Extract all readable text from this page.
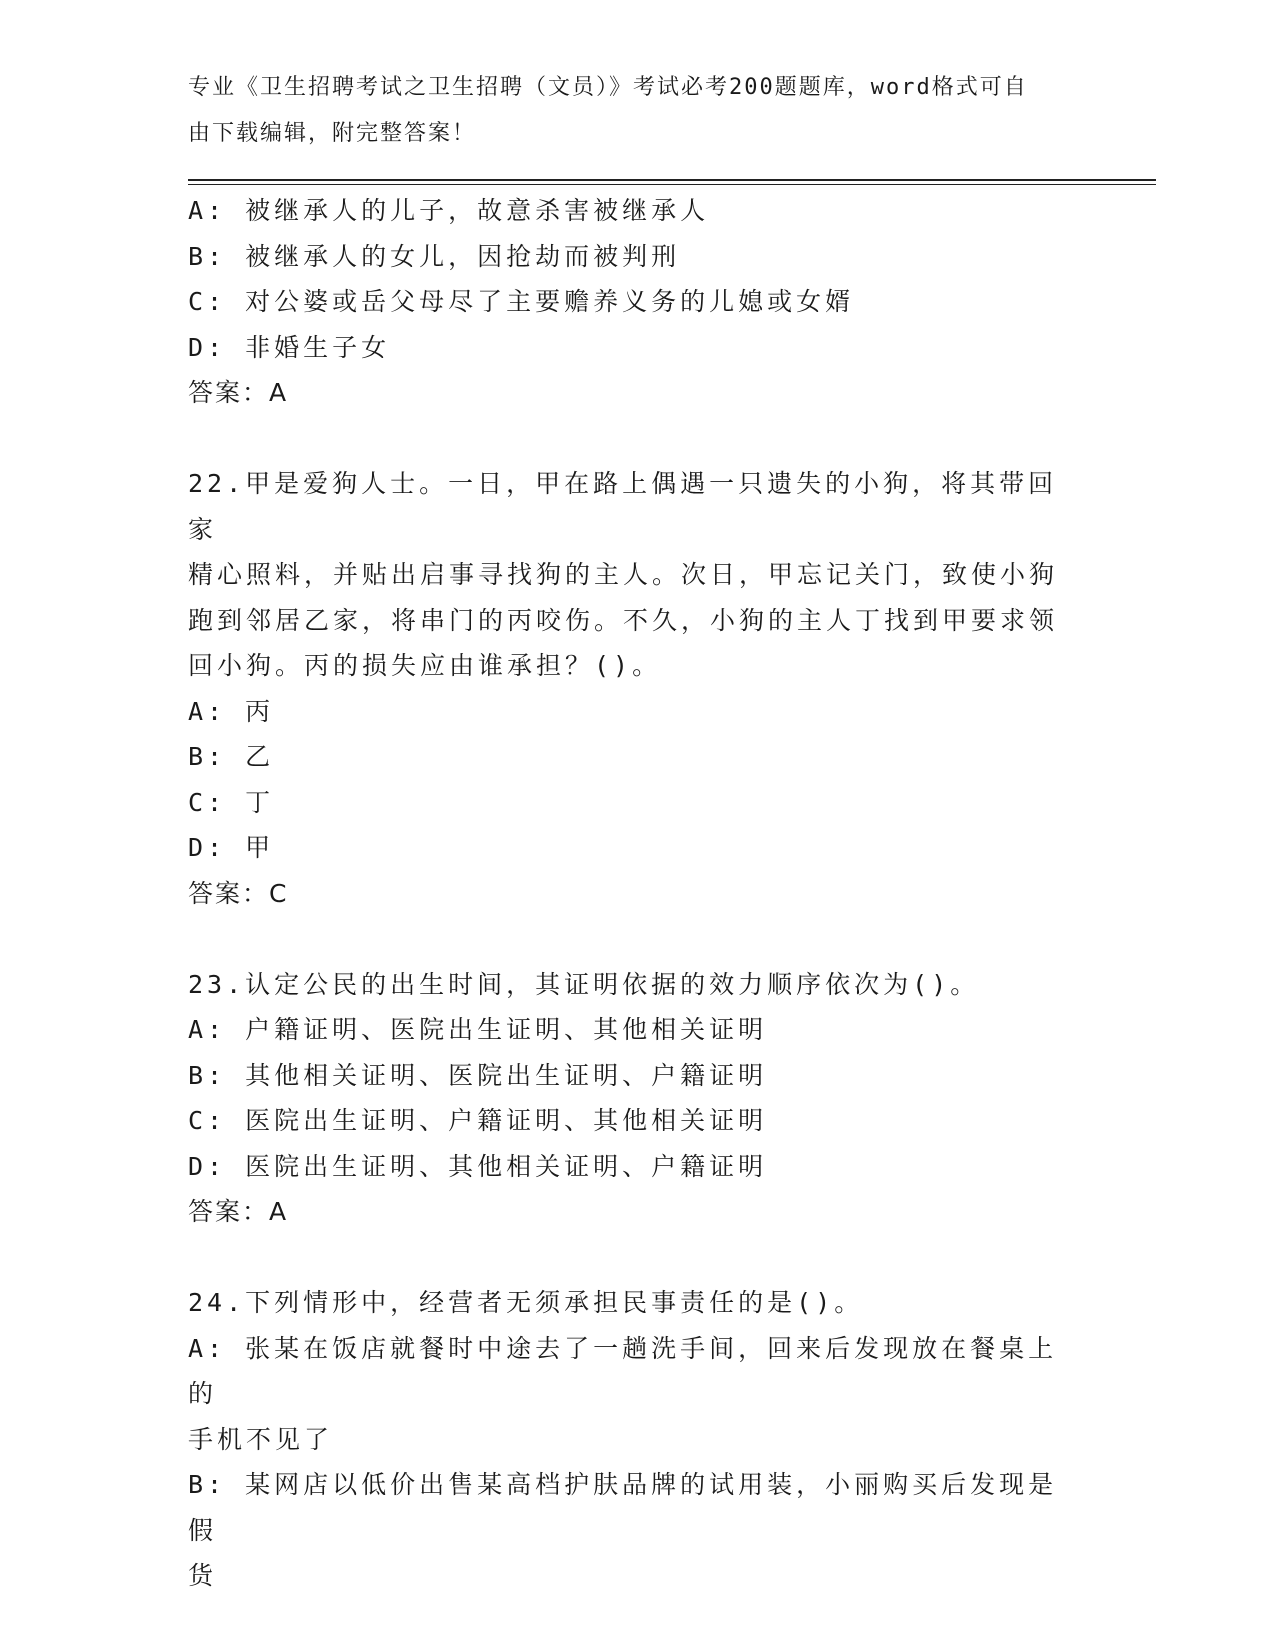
专业《卫生招聘考试之卫生招聘（文员）》考试必考200题题库，word格式可自
由下载编辑，附完整答案！
A: 被继承人的儿子，故意杀害被继承人
B: 被继承人的女儿，因抢劫而被判刑
C: 对公婆或岳父母尽了主要赡养义务的儿媳或女婿
D: 非婚生子女
答案：A
22.甲是爱狗人士。一日，甲在路上偶遇一只遗失的小狗，将其带回家
精心照料，并贴出启事寻找狗的主人。次日，甲忘记关门，致使小狗
跑到邻居乙家，将串门的丙咬伤。不久，小狗的主人丁找到甲要求领
回小狗。丙的损失应由谁承担？()。
A: 丙
B: 乙
C: 丁
D: 甲
答案：C
23.认定公民的出生时间，其证明依据的效力顺序依次为()。
A: 户籍证明、医院出生证明、其他相关证明
B: 其他相关证明、医院出生证明、户籍证明
C: 医院出生证明、户籍证明、其他相关证明
D: 医院出生证明、其他相关证明、户籍证明
答案：A
24.下列情形中，经营者无须承担民事责任的是()。
A: 张某在饭店就餐时中途去了一趟洗手间，回来后发现放在餐桌上的
手机不见了
B: 某网店以低价出售某高档护肤品牌的试用装，小丽购买后发现是假
货
